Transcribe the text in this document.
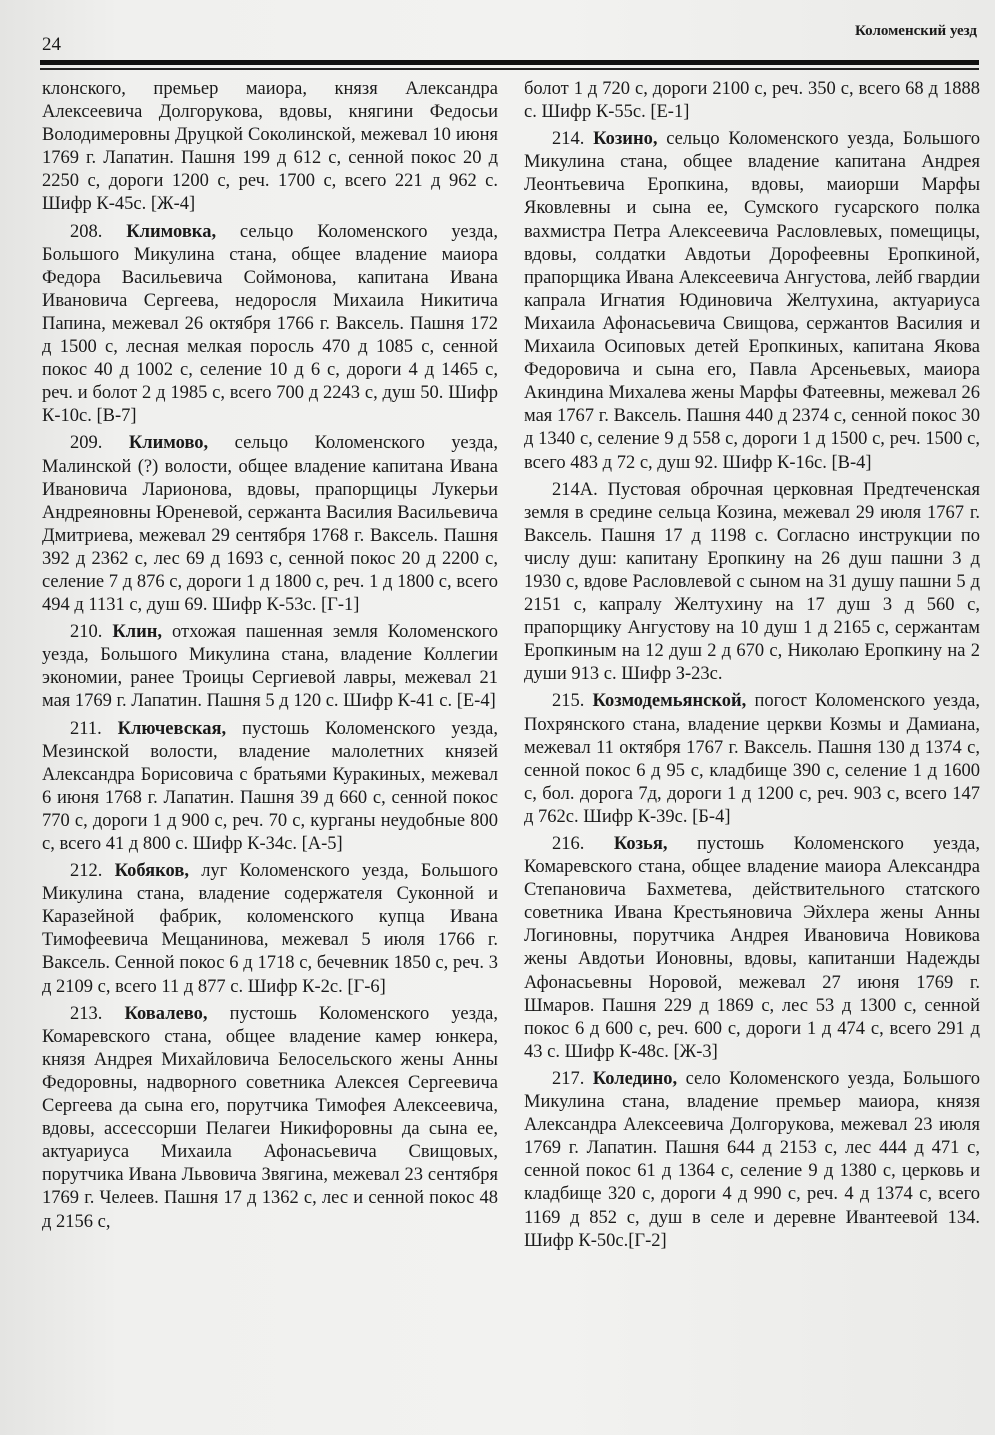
24
Коломенский уезд

клонского, премьер маиора, князя Александра Алексеевича Долгорукова, вдовы, княгини Федосьи Володимеровны Друцкой Соколинской, межевал 10 июня 1769 г. Лапатин. Пашня 199 д 612 с, сенной покос 20 д 2250 с, дороги 1200 с, реч. 1700 с, всего 221 д 962 с. Шифр К-45с. [Ж-4]

208. Климовка, сельцо Коломенского уезда, Большого Микулина стана, общее владение маиора Федора Васильевича Соймонова, капитана Ивана Ивановича Сергеева, недоросля Михаила Никитича Папина, межевал 26 октября 1766 г. Ваксель. Пашня 172 д 1500 с, лесная мелкая поросль 470 д 1085 с, сенной покос 40 д 1002 с, селение 10 д 6 с, дороги 4 д 1465 с, реч. и болот 2 д 1985 с, всего 700 д 2243 с, душ 50. Шифр К-10с. [В-7]

209. Климово, сельцо Коломенского уезда, Малинской (?) волости, общее владение капитана Ивана Ивановича Ларионова, вдовы, прапорщицы Лукерьи Андреяновны Юреневой, сержанта Василия Васильевича Дмитриева, межевал 29 сентября 1768 г. Ваксель. Пашня 392 д 2362 с, лес 69 д 1693 с, сенной покос 20 д 2200 с, селение 7 д 876 с, дороги 1 д 1800 с, реч. 1 д 1800 с, всего 494 д 1131 с, душ 69. Шифр К-53с. [Г-1]

210. Клин, отхожая пашенная земля Коломенского уезда, Большого Микулина стана, владение Коллегии экономии, ранее Троицы Сергиевой лавры, межевал 21 мая 1769 г. Лапатин. Пашня 5 д 120 с. Шифр К-41 с. [Е-4]

211. Ключевская, пустошь Коломенского уезда, Мезинской волости, владение малолетних князей Александра Борисовича с братьями Куракиных, межевал 6 июня 1768 г. Лапатин. Пашня 39 д 660 с, сенной покос 770 с, дороги 1 д 900 с, реч. 70 с, курганы неудобные 800 с, всего 41 д 800 с. Шифр К-34с. [А-5]

212. Кобяков, луг Коломенского уезда, Большого Микулина стана, владение содержателя Суконной и Каразейной фабрик, коломенского купца Ивана Тимофеевича Мещанинова, межевал 5 июля 1766 г. Ваксель. Сенной покос 6 д 1718 с, бечевник 1850 с, реч. 3 д 2109 с, всего 11 д 877 с. Шифр К-2с. [Г-6]

213. Ковалево, пустошь Коломенского уезда, Комаревского стана, общее владение камер юнкера, князя Андрея Михайловича Белосельского жены Анны Федоровны, надворного советника Алексея Сергеевича Сергеева да сына его, порутчика Тимофея Алексеевича, вдовы, ассессорши Пелагеи Никифоровны да сына ее, актуариуса Михаила Афонасьевича Свищовых, порутчика Ивана Львовича Звягина, межевал 23 сентября 1769 г. Челеев. Пашня 17 д 1362 с, лес и сенной покос 48 д 2156 с,

болот 1 д 720 с, дороги 2100 с, реч. 350 с, всего 68 д 1888 с. Шифр К-55с. [Е-1]

214. Козино, сельцо Коломенского уезда, Большого Микулина стана, общее владение капитана Андрея Леонтьевича Еропкина, вдовы, маиорши Марфы Яковлевны и сына ее, Сумского гусарского полка вахмистра Петра Алексеевича Расловлевых, помещицы, вдовы, солдатки Авдотьи Дорофеевны Еропкиной, прапорщика Ивана Алексеевича Ангустова, лейб гвардии капрала Игнатия Юдиновича Желтухина, актуариуса Михаила Афонасьевича Свищова, сержантов Василия и Михаила Осиповых детей Еропкиных, капитана Якова Федоровича и сына его, Павла Арсеньевых, маиора Акиндина Михалева жены Марфы Фатеевны, межевал 26 мая 1767 г. Ваксель. Пашня 440 д 2374 с, сенной покос 30 д 1340 с, селение 9 д 558 с, дороги 1 д 1500 с, реч. 1500 с, всего 483 д 72 с, душ 92. Шифр К-16с. [В-4]

214А. Пустовая оброчная церковная Предтеченская земля в средине сельца Козина, межевал 29 июля 1767 г. Ваксель. Пашня 17 д 1198 с. Согласно инструкции по числу душ: капитану Еропкину на 26 душ пашни 3 д 1930 с, вдове Расловлевой с сыном на 31 душу пашни 5 д 2151 с, капралу Желтухину на 17 душ 3 д 560 с, прапорщику Ангустову на 10 душ 1 д 2165 с, сержантам Еропкиным на 12 душ 2 д 670 с, Николаю Еропкину на 2 души 913 с. Шифр З-23с.

215. Козмодемьянской, погост Коломенского уезда, Похрянского стана, владение церкви Козмы и Дамиана, межевал 11 октября 1767 г. Ваксель. Пашня 130 д 1374 с, сенной покос 6 д 95 с, кладбище 390 с, селение 1 д 1600 с, бол. дорога 7д, дороги 1 д 1200 с, реч. 903 с, всего 147 д 762с. Шифр К-39с. [Б-4]

216. Козья, пустошь Коломенского уезда, Комаревского стана, общее владение маиора Александра Степановича Бахметева, действительного статского советника Ивана Крестьяновича Эйхлера жены Анны Логиновны, порутчика Андрея Ивановича Новикова жены Авдотьи Ионовны, вдовы, капитанши Надежды Афонасьевны Норовой, межевал 27 июня 1769 г. Шмаров. Пашня 229 д 1869 с, лес 53 д 1300 с, сенной покос 6 д 600 с, реч. 600 с, дороги 1 д 474 с, всего 291 д 43 с. Шифр К-48с. [Ж-3]

217. Коледино, село Коломенского уезда, Большого Микулина стана, владение премьер маиора, князя Александра Алексеевича Долгорукова, межевал 23 июля 1769 г. Лапатин. Пашня 644 д 2153 с, лес 444 д 471 с, сенной покос 61 д 1364 с, селение 9 д 1380 с, церковь и кладбище 320 с, дороги 4 д 990 с, реч. 4 д 1374 с, всего 1169 д 852 с, душ в селе и деревне Ивантеевой 134. Шифр К-50с.[Г-2]
